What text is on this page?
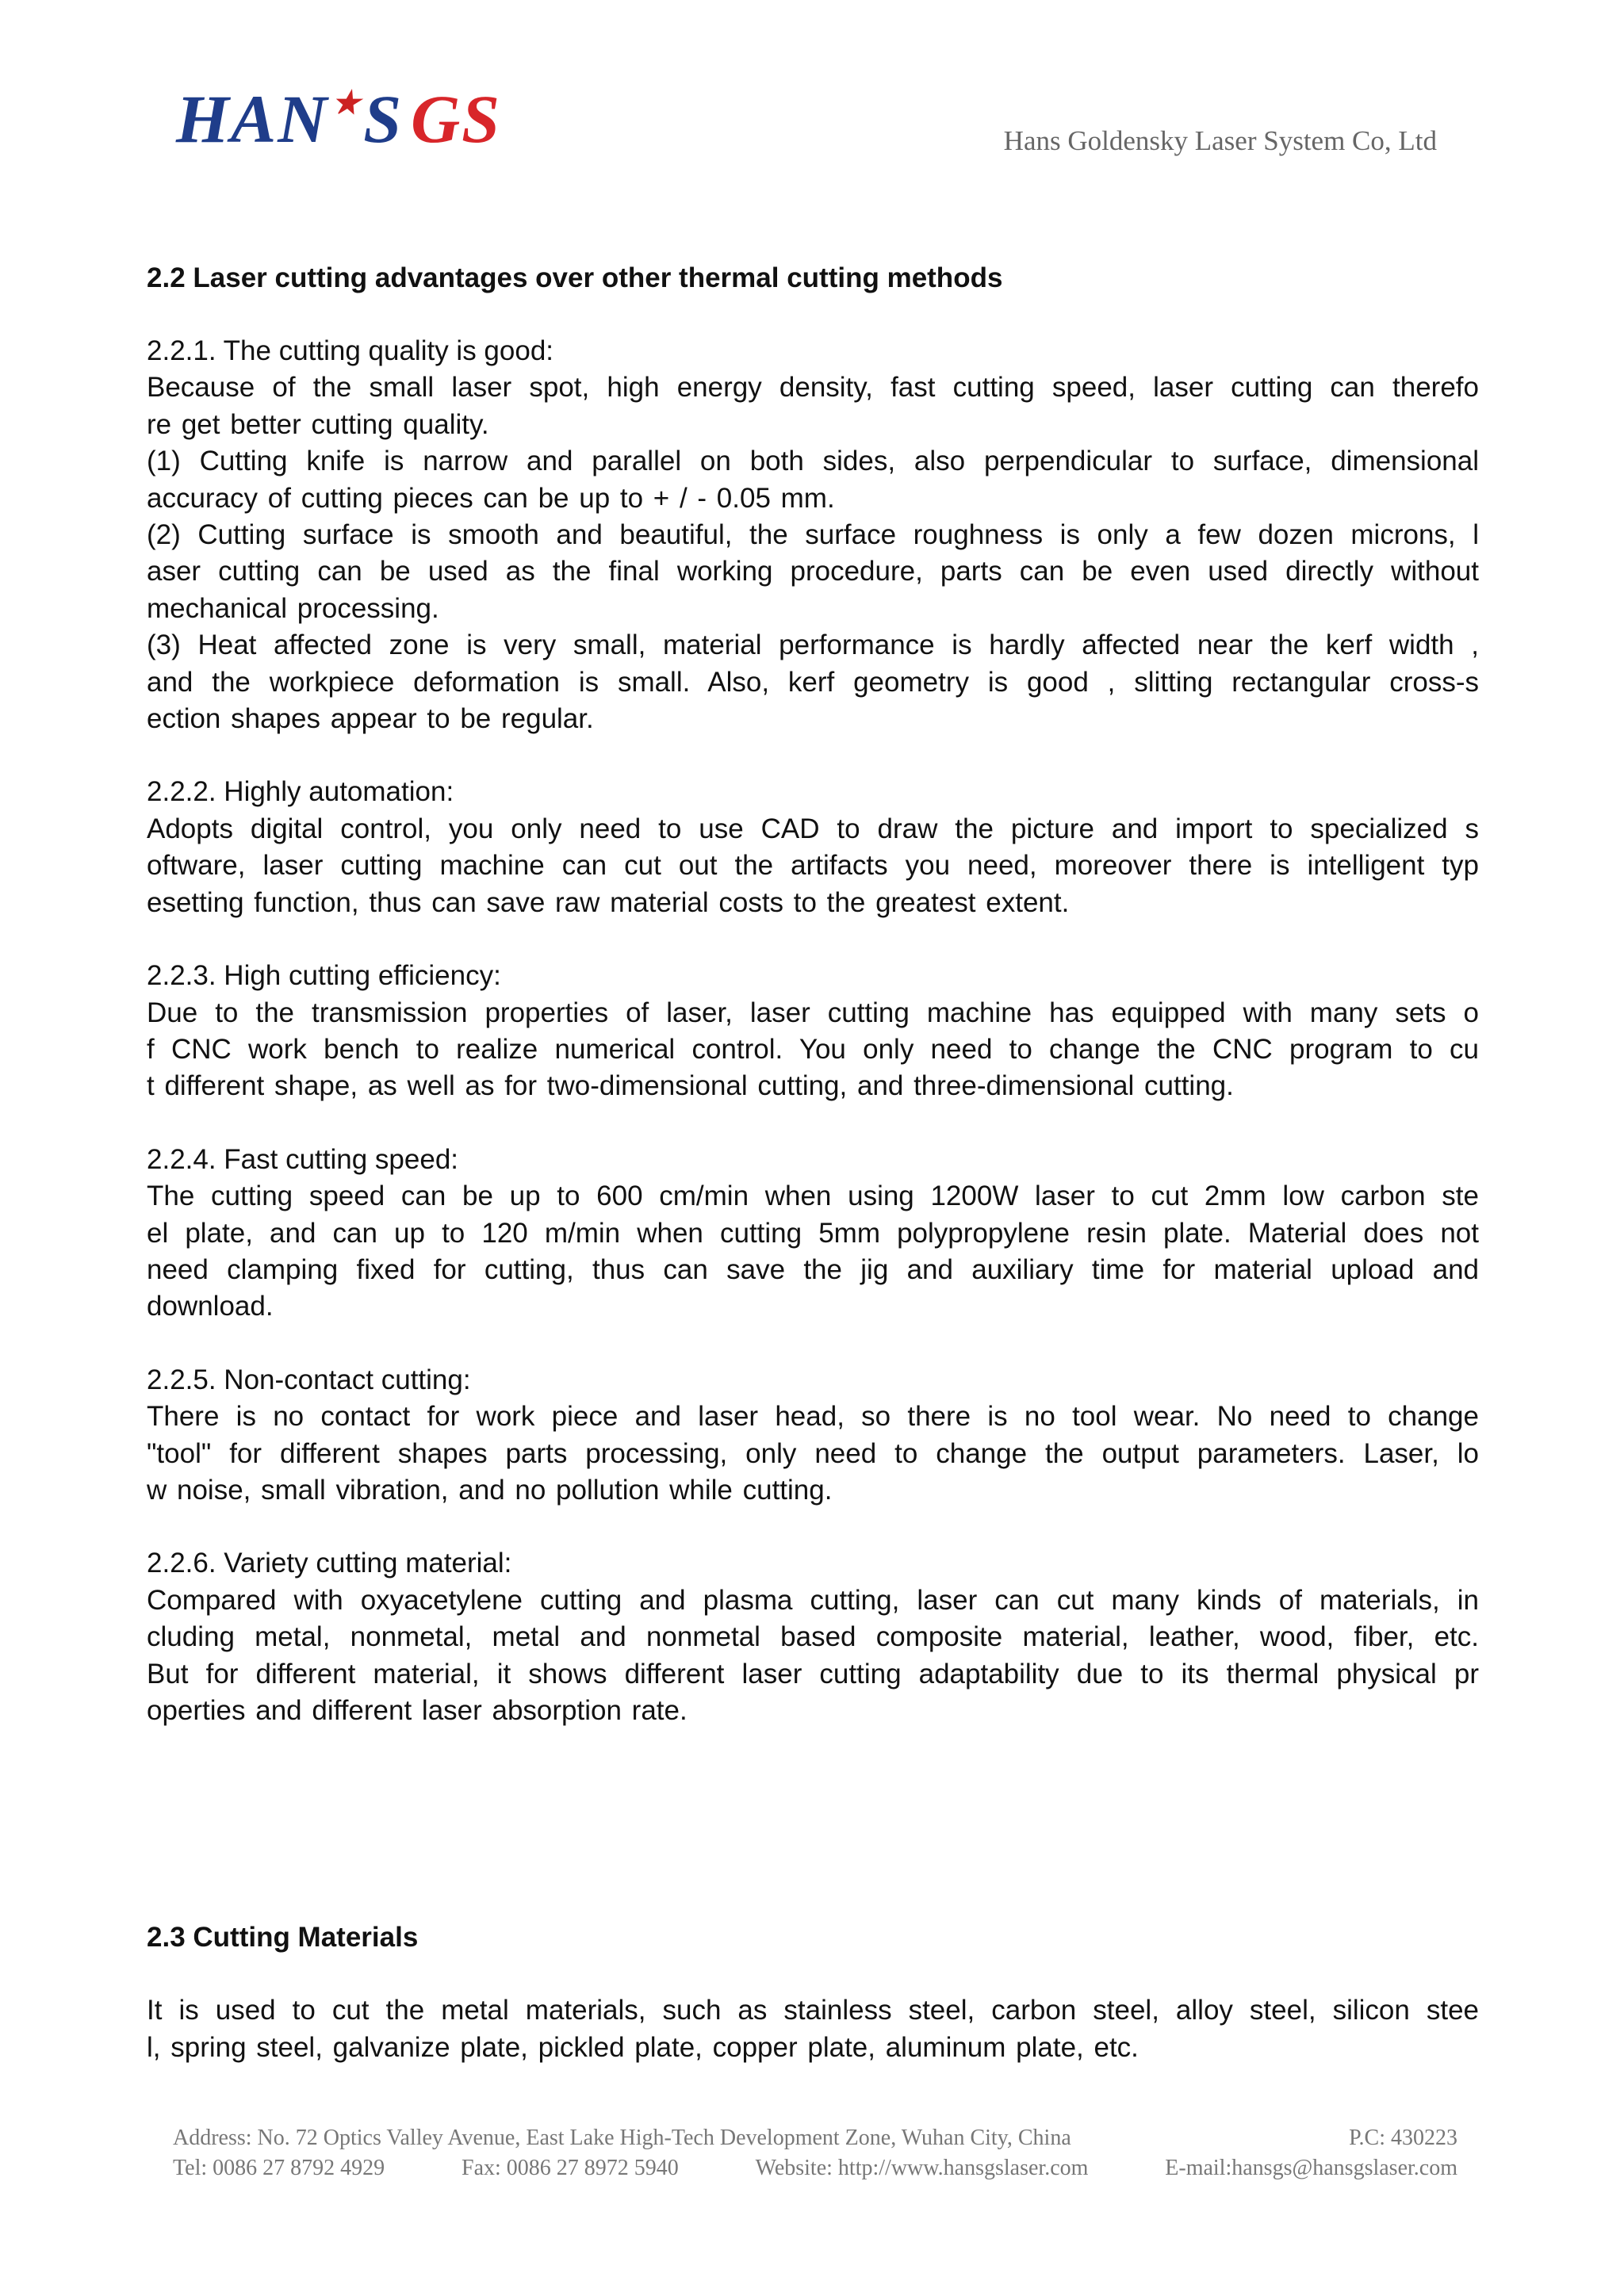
HAN ★S GS	Hans Goldensky Laser System Co, Ltd

2.2 Laser cutting advantages over other thermal cutting methods

2.2.1. The cutting quality is good:

Because of the small laser spot, high energy density, fast cutting speed, laser cutting can therefo
re get better cutting quality.
(1) Cutting knife is narrow and parallel on both sides, also perpendicular to surface, dimensional
accuracy of cutting pieces can be up to + / - 0.05 mm.
(2) Cutting surface is smooth and beautiful, the surface roughness is only a few dozen microns, l
aser cutting can be used as the final working procedure, parts can be even used directly without
mechanical processing.
(3) Heat affected zone is very small, material performance is hardly affected near the kerf width ,
and the workpiece deformation is small. Also, kerf geometry is good , slitting rectangular cross-s
ection shapes appear to be regular.

2.2.2. Highly automation:

Adopts digital control, you only need to use CAD to draw the picture and import to specialized s
oftware, laser cutting machine can cut out the artifacts you need, moreover there is intelligent typ
esetting function, thus can save raw material costs to the greatest extent.

2.2.3. High cutting efficiency:

Due to the transmission properties of laser, laser cutting machine has equipped with many sets o
f CNC work bench to realize numerical control. You only need to change the CNC program to cu
t different shape, as well as for two-dimensional cutting, and three-dimensional cutting.

2.2.4. Fast cutting speed:

The cutting speed can be up to 600 cm/min when using 1200W laser to cut 2mm low carbon ste
el plate, and can up to 120 m/min when cutting 5mm polypropylene resin plate. Material does not
need clamping fixed for cutting, thus can save the jig and auxiliary time for material upload and
download.

2.2.5. Non-contact cutting:

There is no contact for work piece and laser head, so there is no tool wear. No need to change
"tool" for different shapes parts processing, only need to change the output parameters. Laser, lo
w noise, small vibration, and no pollution while cutting.

2.2.6. Variety cutting material:

Compared with oxyacetylene cutting and plasma cutting, laser can cut many kinds of materials, in
cluding metal, nonmetal, metal and nonmetal based composite material, leather, wood, fiber, etc.
But for different material, it shows different laser cutting adaptability due to its thermal physical pr
operties and different laser absorption rate.

2.3 Cutting Materials

It is used to cut the metal materials, such as stainless steel, carbon steel, alloy steel, silicon stee
l, spring steel, galvanize plate, pickled plate, copper plate, aluminum plate, etc.
Address: No. 72 Optics Valley Avenue, East Lake High-Tech Development Zone, Wuhan City, China	P.C: 430223
Tel: 0086 27 8792 4929	Fax: 0086 27 8972 5940	Website: http://www.hansgslaser.com	E-mail:hansgs@hansgslaser.com
